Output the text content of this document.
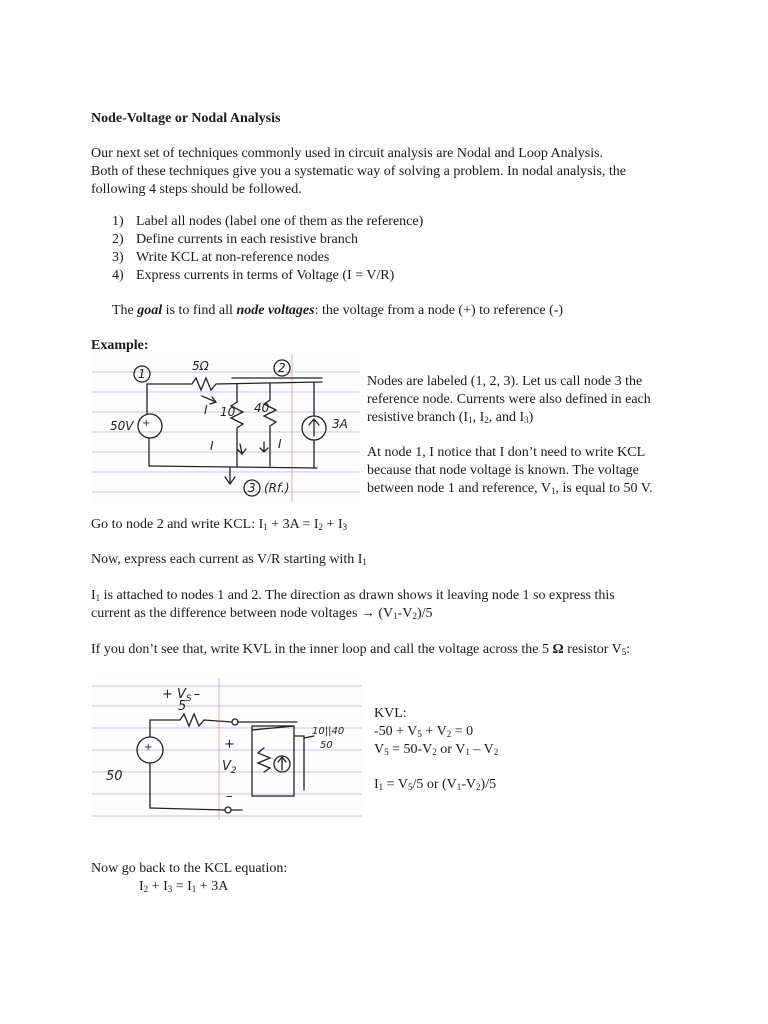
Node-Voltage or Nodal Analysis
Our next set of techniques commonly used in circuit analysis are Nodal and Loop Analysis.
Both of these techniques give you a systematic way of solving a problem. In nodal analysis, the
following 4 steps should be followed.
1) Label all nodes (label one of them as the reference)
2) Define currents in each resistive branch
3) Write KCL at non-reference nodes
4) Express currents in terms of Voltage (I = V/R)
The goal is to find all node voltages: the voltage from a node (+) to reference (-)
Example:
1	2
3
5Ω
50V +
10 40
3A
I
I	I
(Rf.)
Nodes are labeled (1, 2, 3). Let us call node 3 the
reference node. Currents were also defined in each
resistive branch ($I_1$, $I_2$, and $I_3$)
At node 1, I notice that I don’t need to write KCL
because that node voltage is known. The voltage
between node 1 and reference, $V_1$, is equal to 50 V.
Go to node 2 and write KCL: $I_1 + 3A = I_2 + I_3$
Now, express each current as V/R starting with $I_1$
$I_1$ is attached to nodes 1 and 2. The direction as drawn shows it leaving node 1 so express this
current as the difference between node voltages → $(V_1-V_2)/5$
If you don’t see that, write KVL in the inner loop and call the voltage across the 5 Ω resistor $V_5$:
+ $V_S$ –
5
50
+	+
$V_2$
–
10||40
50
KVL:
$-50 + V_5 + V_2 = 0$
$V_5 = 50-V_2$ or $V_1 - V_2$
$I_1 = V_5/5$ or $(V_1-V_2)/5$
Now go back to the KCL equation:
$I_2 + I_3 = I_1 + 3A$
